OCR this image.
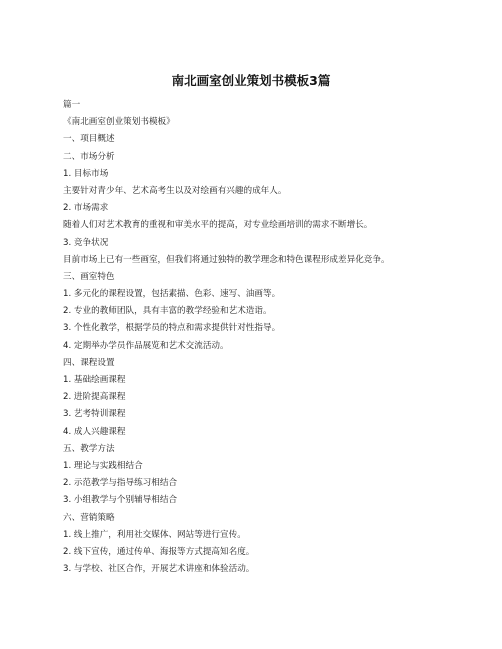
南北画室创业策划书模板3篇
篇一
《南北画室创业策划书模板》
一、项目概述
二、市场分析
1. 目标市场
主要针对青少年、艺术高考生以及对绘画有兴趣的成年人。
2. 市场需求
随着人们对艺术教育的重视和审美水平的提高，对专业绘画培训的需求不断增长。
3. 竞争状况
目前市场上已有一些画室，但我们将通过独特的教学理念和特色课程形成差异化竞争。
三、画室特色
1. 多元化的课程设置，包括素描、色彩、速写、油画等。
2. 专业的教师团队，具有丰富的教学经验和艺术造诣。
3. 个性化教学，根据学员的特点和需求提供针对性指导。
4. 定期举办学员作品展览和艺术交流活动。
四、课程设置
1. 基础绘画课程
2. 进阶提高课程
3. 艺考特训课程
4. 成人兴趣课程
五、教学方法
1. 理论与实践相结合
2. 示范教学与指导练习相结合
3. 小组教学与个别辅导相结合
六、营销策略
1. 线上推广，利用社交媒体、网站等进行宣传。
2. 线下宣传，通过传单、海报等方式提高知名度。
3. 与学校、社区合作，开展艺术讲座和体验活动。
